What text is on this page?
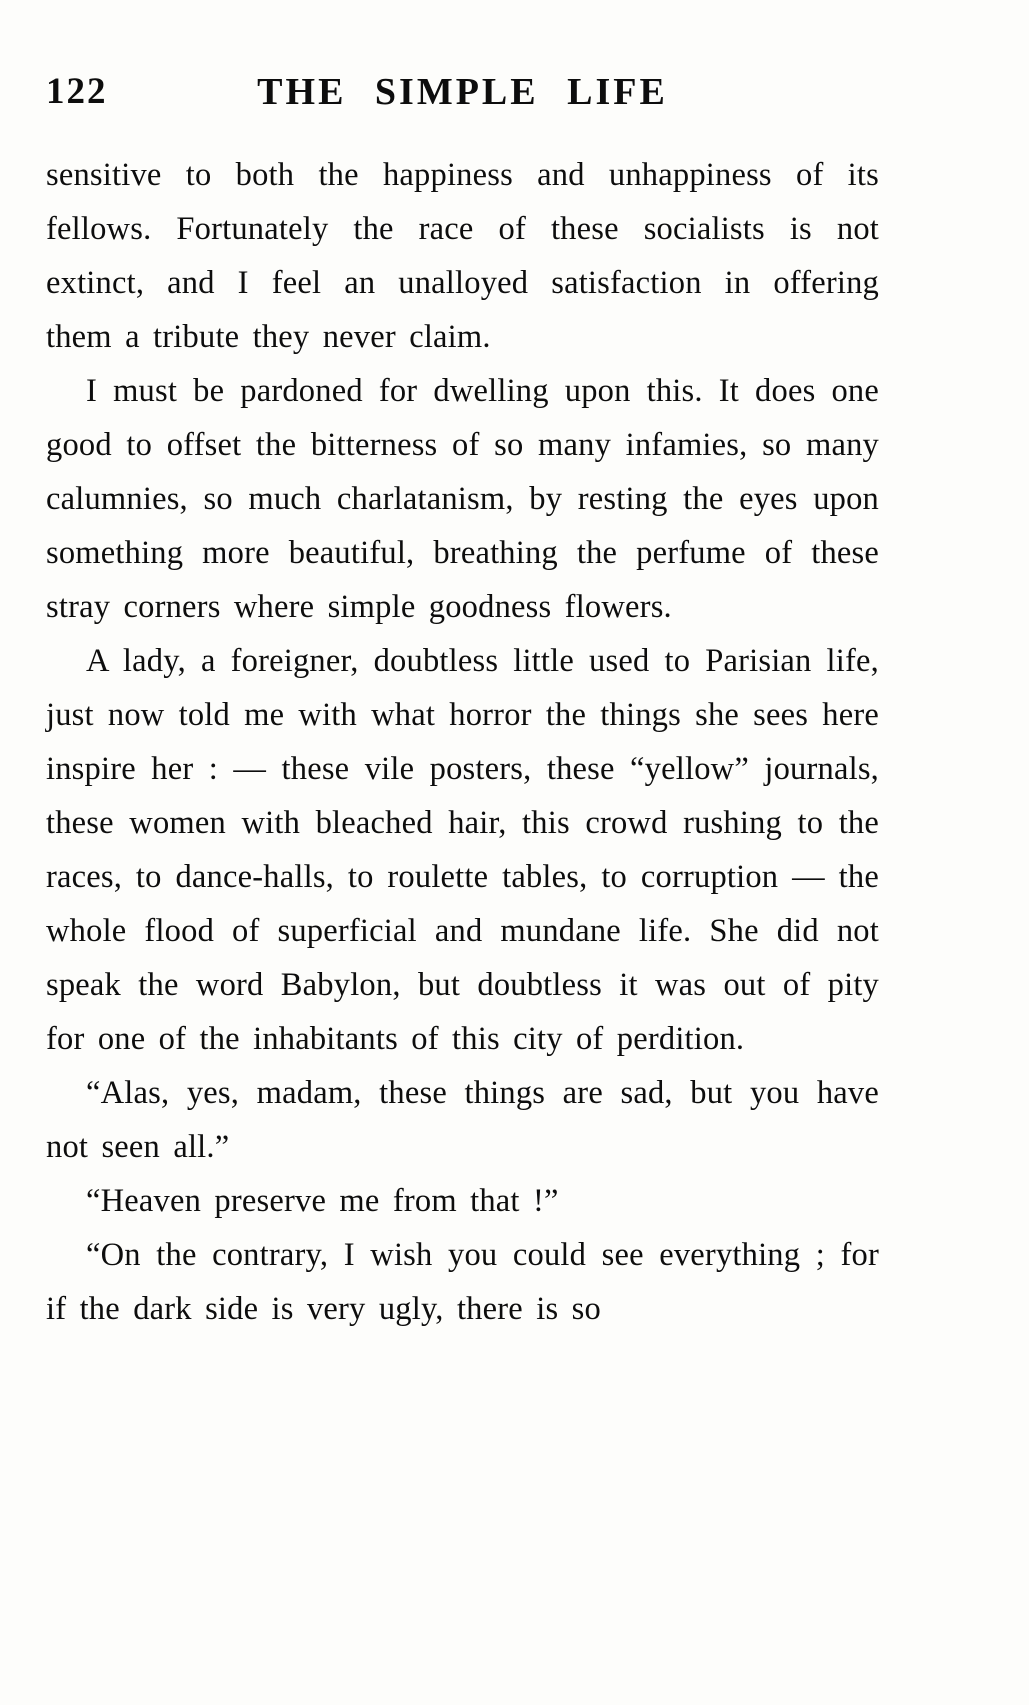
122	THE SIMPLE LIFE

sensitive to both the happiness and unhappiness of its fellows. Fortunately the race of these socialists is not extinct, and I feel an unalloyed satisfaction in offering them a tribute they never claim.

I must be pardoned for dwelling upon this. It does one good to offset the bitterness of so many infamies, so many calumnies, so much charlatanism, by resting the eyes upon something more beautiful, breathing the perfume of these stray corners where simple goodness flowers.

A lady, a foreigner, doubtless little used to Parisian life, just now told me with what horror the things she sees here inspire her : — these vile posters, these “yellow” journals, these women with bleached hair, this crowd rushing to the races, to dance-halls, to roulette tables, to corruption — the whole flood of superficial and mundane life. She did not speak the word Babylon, but doubtless it was out of pity for one of the inhabitants of this city of perdition.

“Alas, yes, madam, these things are sad, but you have not seen all.”

“Heaven preserve me from that !”

“On the contrary, I wish you could see everything ; for if the dark side is very ugly, there is so
